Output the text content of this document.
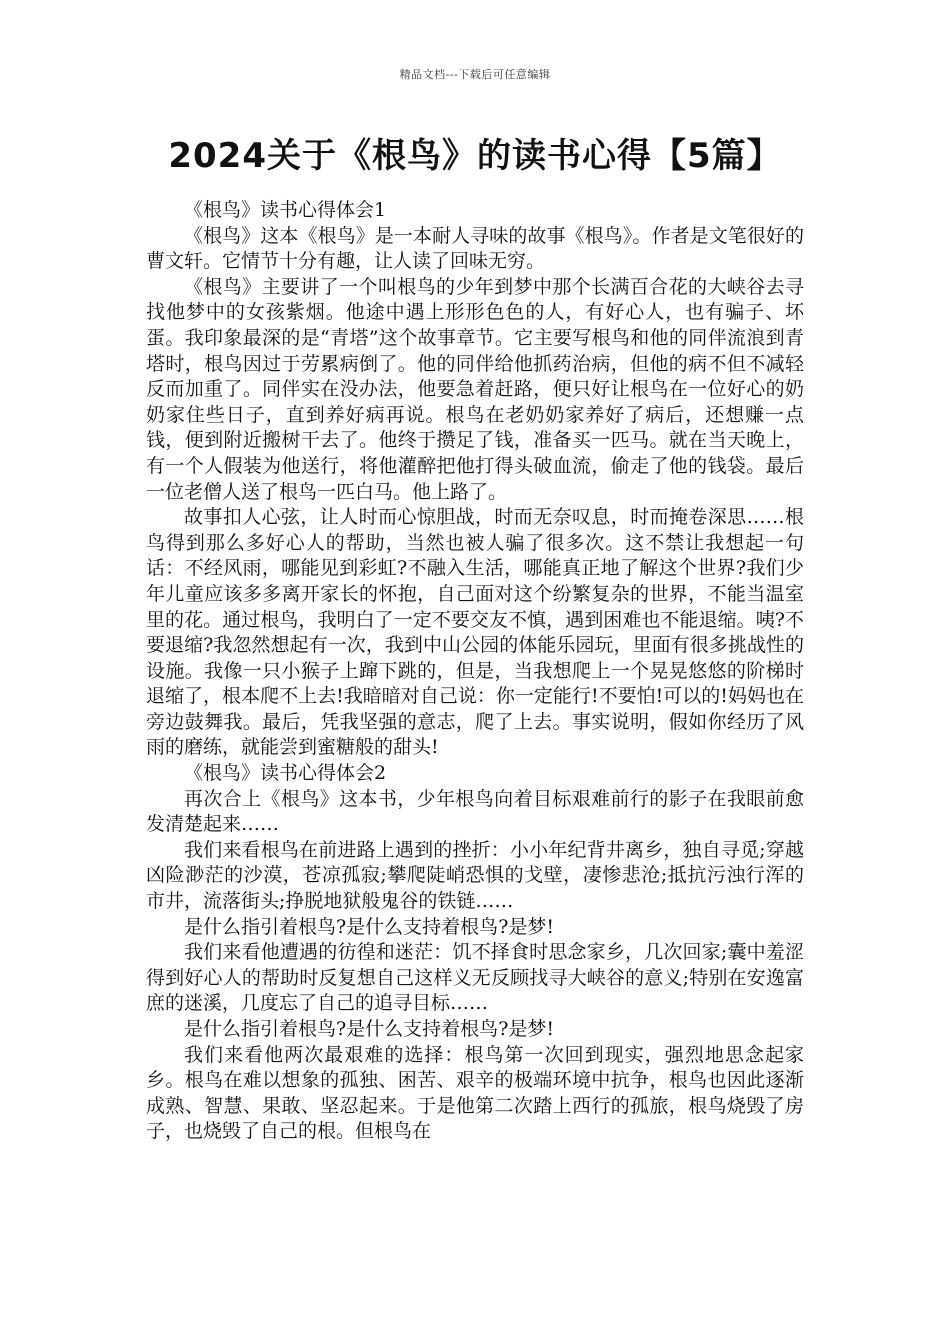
精品文档---下载后可任意编辑
2024关于《根鸟》的读书心得【5篇】

《根鸟》读书心得体会1

《根鸟》这本《根鸟》是一本耐人寻味的故事《根鸟》。作者是文笔很好的曹文轩。它情节十分有趣，让人读了回味无穷。

《根鸟》主要讲了一个叫根鸟的少年到梦中那个长满百合花的大峡谷去寻找他梦中的女孩紫烟。他途中遇上形形色色的人，有好心人，也有骗子、坏蛋。我印象最深的是“青塔”这个故事章节。它主要写根鸟和他的同伴流浪到青塔时，根鸟因过于劳累病倒了。他的同伴给他抓药治病，但他的病不但不减轻反而加重了。同伴实在没办法，他要急着赶路，便只好让根鸟在一位好心的奶奶家住些日子，直到养好病再说。根鸟在老奶奶家养好了病后，还想赚一点钱，便到附近搬树干去了。他终于攒足了钱，准备买一匹马。就在当天晚上，有一个人假装为他送行，将他灌醉把他打得头破血流，偷走了他的钱袋。最后一位老僧人送了根鸟一匹白马。他上路了。

故事扣人心弦，让人时而心惊胆战，时而无奈叹息，时而掩卷深思……根鸟得到那么多好心人的帮助，当然也被人骗了很多次。这不禁让我想起一句话：不经风雨，哪能见到彩虹?不融入生活，哪能真正地了解这个世界?我们少年儿童应该多多离开家长的怀抱，自己面对这个纷繁复杂的世界，不能当温室里的花。通过根鸟，我明白了一定不要交友不慎，遇到困难也不能退缩。咦?不要退缩?我忽然想起有一次，我到中山公园的体能乐园玩，里面有很多挑战性的设施。我像一只小猴子上蹿下跳的，但是，当我想爬上一个晃晃悠悠的阶梯时退缩了，根本爬不上去!我暗暗对自己说：你一定能行!不要怕!可以的!妈妈也在旁边鼓舞我。最后，凭我坚强的意志，爬了上去。事实说明，假如你经历了风雨的磨练，就能尝到蜜糖般的甜头!

《根鸟》读书心得体会2

再次合上《根鸟》这本书，少年根鸟向着目标艰难前行的影子在我眼前愈发清楚起来……

我们来看根鸟在前进路上遇到的挫折：小小年纪背井离乡，独自寻觅;穿越凶险渺茫的沙漠，苍凉孤寂;攀爬陡峭恐惧的戈壁，凄惨悲沧;抵抗污浊行浑的市井，流落街头;挣脱地狱般鬼谷的铁链……

是什么指引着根鸟?是什么支持着根鸟?是梦!

我们来看他遭遇的彷徨和迷茫：饥不择食时思念家乡，几次回家;囊中羞涩得到好心人的帮助时反复想自己这样义无反顾找寻大峡谷的意义;特别在安逸富庶的迷溪，几度忘了自己的追寻目标……

是什么指引着根鸟?是什么支持着根鸟?是梦!

我们来看他两次最艰难的选择：根鸟第一次回到现实，强烈地思念起家乡。根鸟在难以想象的孤独、困苦、艰辛的极端环境中抗争，根鸟也因此逐渐成熟、智慧、果敢、坚忍起来。于是他第二次踏上西行的孤旅，根鸟烧毁了房子，也烧毁了自己的根。但根鸟在
